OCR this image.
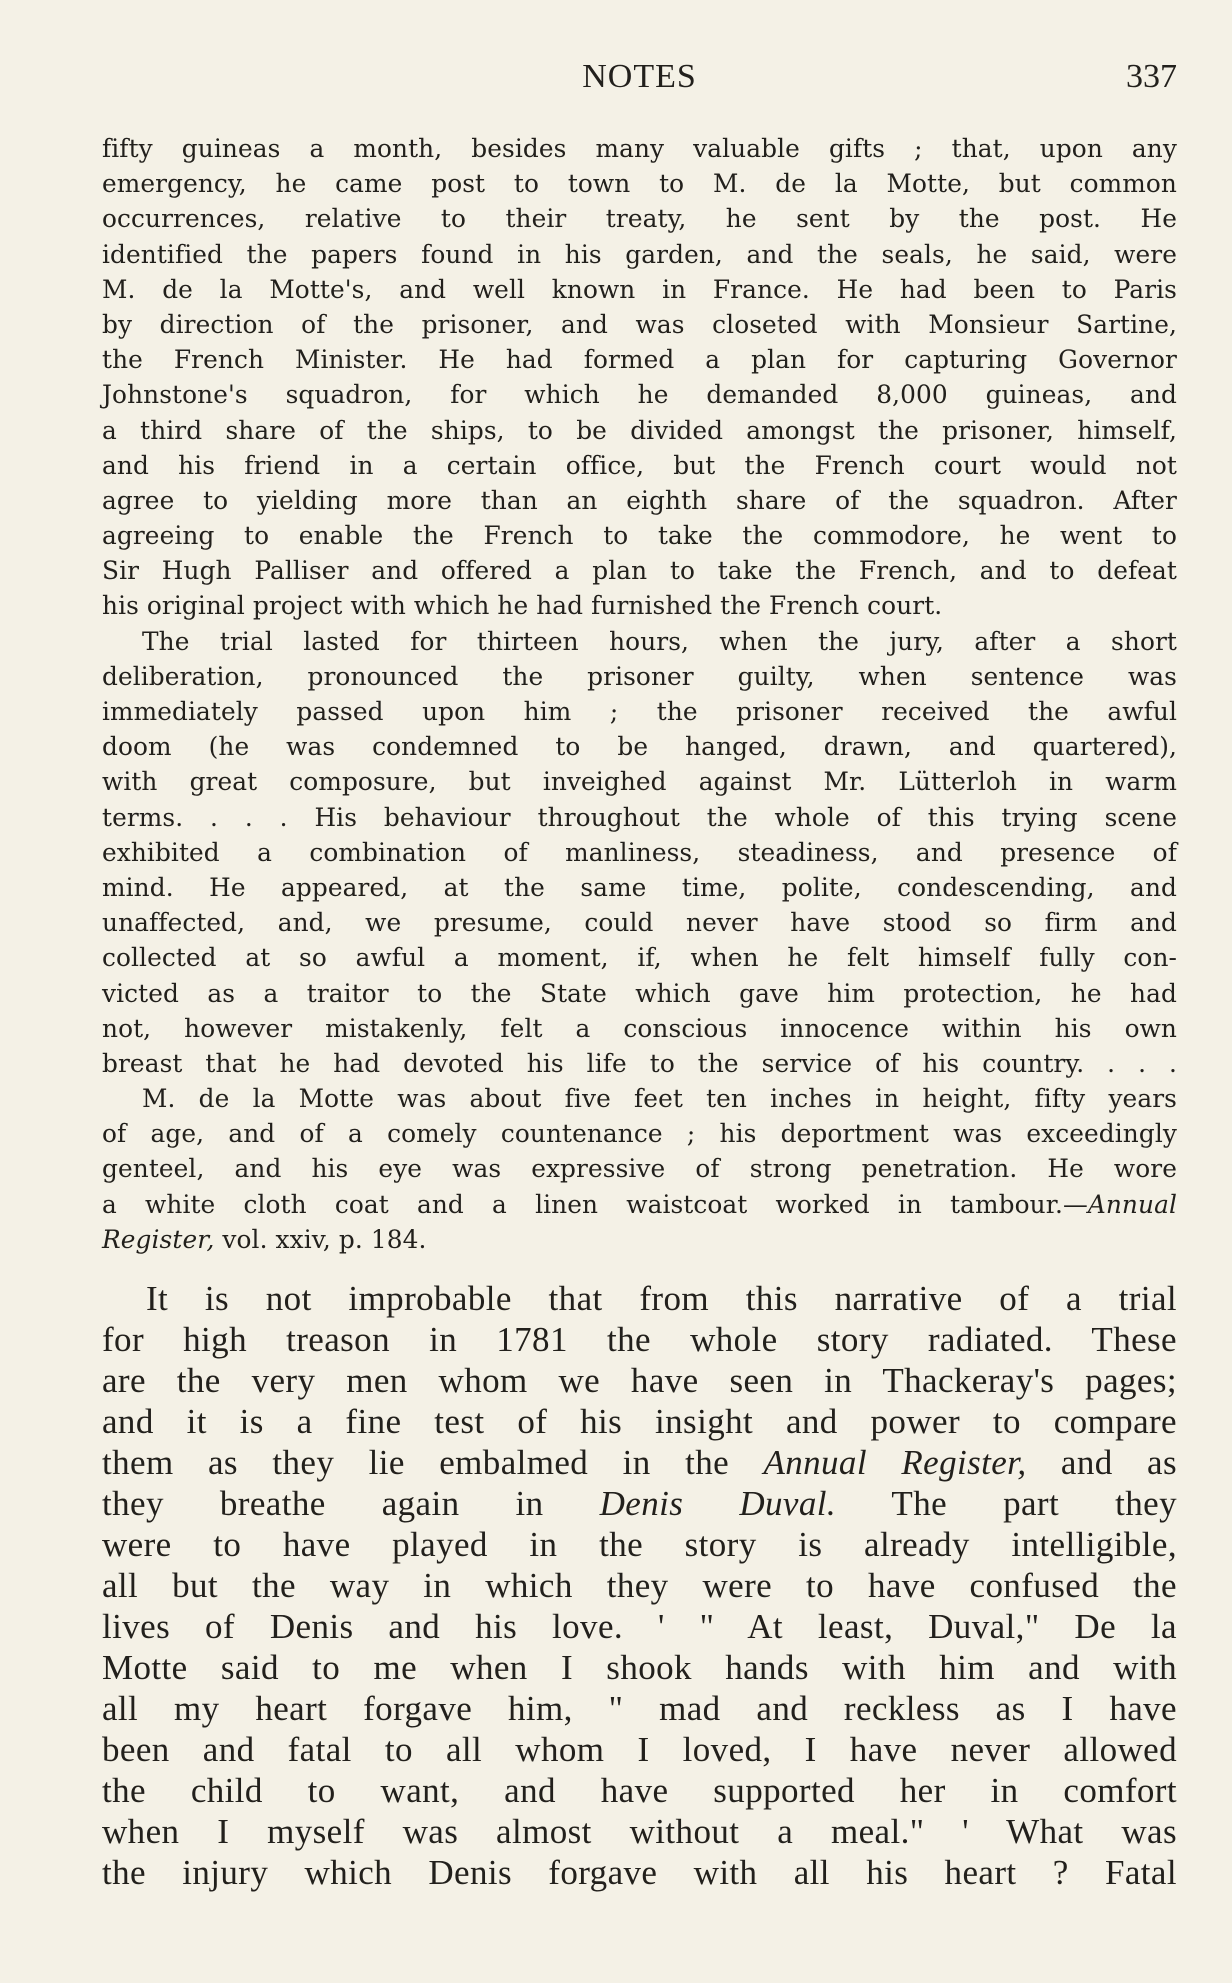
NOTES	337
fifty guineas a month, besides many valuable gifts ; that, upon any
emergency, he came post to town to M. de la Motte, but common
occurrences, relative to their treaty, he sent by the post. He
identified the papers found in his garden, and the seals, he said, were
M. de la Motte's, and well known in France. He had been to Paris
by direction of the prisoner, and was closeted with Monsieur Sartine,
the French Minister. He had formed a plan for capturing Governor
Johnstone's squadron, for which he demanded 8,000 guineas, and
a third share of the ships, to be divided amongst the prisoner, himself,
and his friend in a certain office, but the French court would not
agree to yielding more than an eighth share of the squadron. After
agreeing to enable the French to take the commodore, he went to
Sir Hugh Palliser and offered a plan to take the French, and to defeat
his original project with which he had furnished the French court.
The trial lasted for thirteen hours, when the jury, after a short
deliberation, pronounced the prisoner guilty, when sentence was
immediately passed upon him ; the prisoner received the awful
doom (he was condemned to be hanged, drawn, and quartered),
with great composure, but inveighed against Mr. Lütterloh in warm
terms. . . . His behaviour throughout the whole of this trying scene
exhibited a combination of manliness, steadiness, and presence of
mind. He appeared, at the same time, polite, condescending, and
unaffected, and, we presume, could never have stood so firm and
collected at so awful a moment, if, when he felt himself fully con-
victed as a traitor to the State which gave him protection, he had
not, however mistakenly, felt a conscious innocence within his own
breast that he had devoted his life to the service of his country. . . .
M. de la Motte was about five feet ten inches in height, fifty years
of age, and of a comely countenance ; his deportment was exceedingly
genteel, and his eye was expressive of strong penetration. He wore
a white cloth coat and a linen waistcoat worked in tambour.—Annual
Register, vol. xxiv, p. 184.
It is not improbable that from this narrative of a trial
for high treason in 1781 the whole story radiated. These
are the very men whom we have seen in Thackeray's pages;
and it is a fine test of his insight and power to compare
them as they lie embalmed in the Annual Register, and as
they breathe again in Denis Duval. The part they
were to have played in the story is already intelligible,
all but the way in which they were to have confused the
lives of Denis and his love. ' " At least, Duval," De la
Motte said to me when I shook hands with him and with
all my heart forgave him, " mad and reckless as I have
been and fatal to all whom I loved, I have never allowed
the child to want, and have supported her in comfort
when I myself was almost without a meal." ' What was
the injury which Denis forgave with all his heart ? Fatal
